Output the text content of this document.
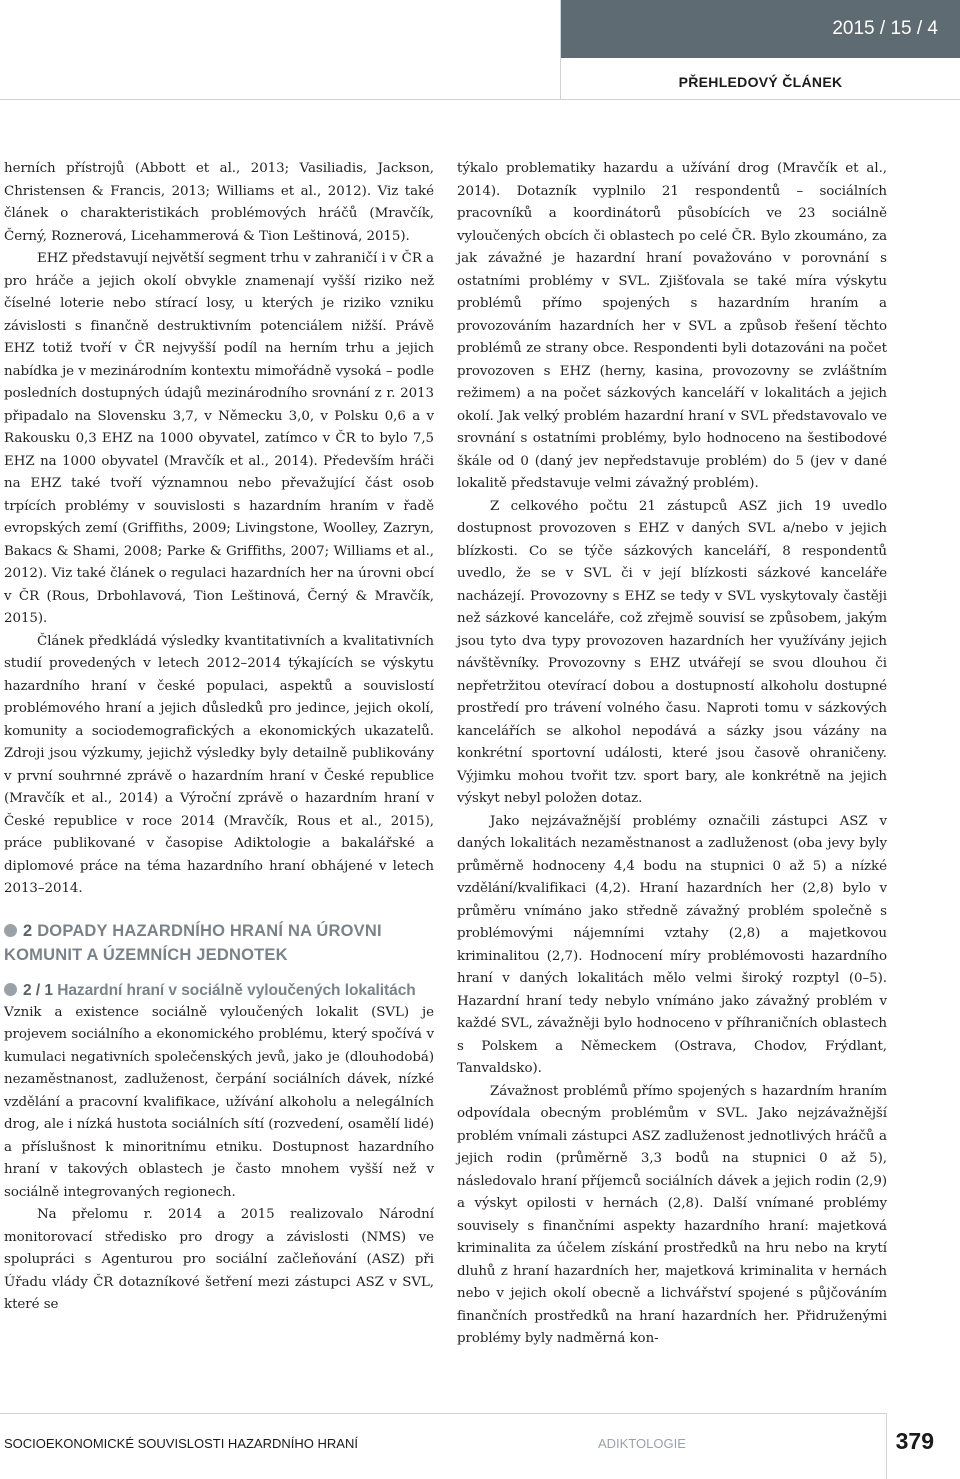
2015 / 15 / 4
PŘEHLEDOVÝ ČLÁNEK

herních přístrojů (Abbott et al., 2013; Vasiliadis, Jackson, Christensen & Francis, 2013; Williams et al., 2012). Viz také článek o charakteristikách problémových hráčů (Mravčík, Černý, Roznerová, Licehammerová & Tion Leštinová, 2015).

EHZ představují největší segment trhu v zahraničí i v ČR a pro hráče a jejich okolí obvykle znamenají vyšší riziko než číselné loterie nebo stírací losy, u kterých je riziko vzniku závislosti s finančně destruktivním potenciálem nižší. Právě EHZ totiž tvoří v ČR nejvyšší podíl na herním trhu a jejich nabídka je v mezinárodním kontextu mimořádně vysoká – podle posledních dostupných údajů mezinárodního srovnání z r. 2013 připadalo na Slovensku 3,7, v Německu 3,0, v Polsku 0,6 a v Rakousku 0,3 EHZ na 1000 obyvatel, zatímco v ČR to bylo 7,5 EHZ na 1000 obyvatel (Mravčík et al., 2014). Především hráči na EHZ také tvoří významnou nebo převažující část osob trpících problémy v souvislosti s hazardním hraním v řadě evropských zemí (Griffiths, 2009; Livingstone, Woolley, Zazryn, Bakacs & Shami, 2008; Parke & Griffiths, 2007; Williams et al., 2012). Viz také článek o regulaci hazardních her na úrovni obcí v ČR (Rous, Drbohlavová, Tion Leštinová, Černý & Mravčík, 2015).

Článek předkládá výsledky kvantitativních a kvalitativních studií provedených v letech 2012–2014 týkajících se výskytu hazardního hraní v české populaci, aspektů a souvislostí problémového hraní a jejich důsledků pro jedince, jejich okolí, komunity a sociodemografických a ekonomických ukazatelů. Zdroji jsou výzkumy, jejichž výsledky byly detailně publikovány v první souhrnné zprávě o hazardním hraní v České republice (Mravčík et al., 2014) a Výroční zprávě o hazardním hraní v České republice v roce 2014 (Mravčík, Rous et al., 2015), práce publikované v časopise Adiktologie a bakalářské a diplomové práce na téma hazardního hraní obhájené v letech 2013–2014.

2 DOPADY HAZARDNÍHO HRANÍ NA ÚROVNI KOMUNIT A ÚZEMNÍCH JEDNOTEK
2 / 1 Hazardní hraní v sociálně vyloučených lokalitách

Vznik a existence sociálně vyloučených lokalit (SVL) je projevem sociálního a ekonomického problému, který spočívá v kumulaci negativních společenských jevů, jako je (dlouhodobá) nezaměstnanost, zadluženost, čerpání sociálních dávek, nízké vzdělání a pracovní kvalifikace, užívání alkoholu a nelegálních drog, ale i nízká hustota sociálních sítí (rozvedení, osamělí lidé) a příslušnost k minoritnímu etniku. Dostupnost hazardního hraní v takových oblastech je často mnohem vyšší než v sociálně integrovaných regionech.

Na přelomu r. 2014 a 2015 realizovalo Národní monitorovací středisko pro drogy a závislosti (NMS) ve spolupráci s Agenturou pro sociální začleňování (ASZ) při Úřadu vlády ČR dotazníkové šetření mezi zástupci ASZ v SVL, které se

týkalo problematiky hazardu a užívání drog (Mravčík et al., 2014). Dotazník vyplnilo 21 respondentů – sociálních pracovníků a koordinátorů působících ve 23 sociálně vyloučených obcích či oblastech po celé ČR. Bylo zkoumáno, za jak závažné je hazardní hraní považováno v porovnání s ostatními problémy v SVL. Zjišťovala se také míra výskytu problémů přímo spojených s hazardním hraním a provozováním hazardních her v SVL a způsob řešení těchto problémů ze strany obce. Respondenti byli dotazováni na počet provozoven s EHZ (herny, kasina, provozovny se zvláštním režimem) a na počet sázkových kanceláří v lokalitách a jejich okolí. Jak velký problém hazardní hraní v SVL představovalo ve srovnání s ostatními problémy, bylo hodnoceno na šestibodové škále od 0 (daný jev nepředstavuje problém) do 5 (jev v dané lokalitě představuje velmi závažný problém).

Z celkového počtu 21 zástupců ASZ jich 19 uvedlo dostupnost provozoven s EHZ v daných SVL a/nebo v jejich blízkosti. Co se týče sázkových kanceláří, 8 respondentů uvedlo, že se v SVL či v její blízkosti sázkové kanceláře nacházejí. Provozovny s EHZ se tedy v SVL vyskytovaly častěji než sázkové kanceláře, což zřejmě souvisí se způsobem, jakým jsou tyto dva typy provozoven hazardních her využívány jejich návštěvníky. Provozovny s EHZ utvářejí se svou dlouhou či nepřetržitou otevírací dobou a dostupností alkoholu dostupné prostředí pro trávení volného času. Naproti tomu v sázkových kancelářích se alkohol nepodává a sázky jsou vázány na konkrétní sportovní události, které jsou časově ohraničeny. Výjimku mohou tvořit tzv. sport bary, ale konkrétně na jejich výskyt nebyl položen dotaz.

Jako nejzávažnější problémy označili zástupci ASZ v daných lokalitách nezaměstnanost a zadluženost (oba jevy byly průměrně hodnoceny 4,4 bodu na stupnici 0 až 5) a nízké vzdělání/kvalifikaci (4,2). Hraní hazardních her (2,8) bylo v průměru vnímáno jako středně závažný problém společně s problémovými nájemními vztahy (2,8) a majetkovou kriminalitou (2,7). Hodnocení míry problémovosti hazardního hraní v daných lokalitách mělo velmi široký rozptyl (0–5). Hazardní hraní tedy nebylo vnímáno jako závažný problém v každé SVL, závažněji bylo hodnoceno v příhraničních oblastech s Polskem a Německem (Ostrava, Chodov, Frýdlant, Tanvaldsko).

Závažnost problémů přímo spojených s hazardním hraním odpovídala obecným problémům v SVL. Jako nejzávažnější problém vnímali zástupci ASZ zadluženost jednotlivých hráčů a jejich rodin (průměrně 3,3 bodů na stupnici 0 až 5), následovalo hraní příjemců sociálních dávek a jejich rodin (2,9) a výskyt opilosti v hernách (2,8). Další vnímané problémy souvisely s finančními aspekty hazardního hraní: majetková kriminalita za účelem získání prostředků na hru nebo na krytí dluhů z hraní hazardních her, majetková kriminalita v hernách nebo v jejich okolí obecně a lichvářství spojené s půjčováním finančních prostředků na hraní hazardních her. Přidruženými problémy byly nadměrná kon-

SOCIOEKONOMICKÉ SOUVISLOSTI HAZARDNÍHO HRANÍ	ADIKTOLOGIE	379
